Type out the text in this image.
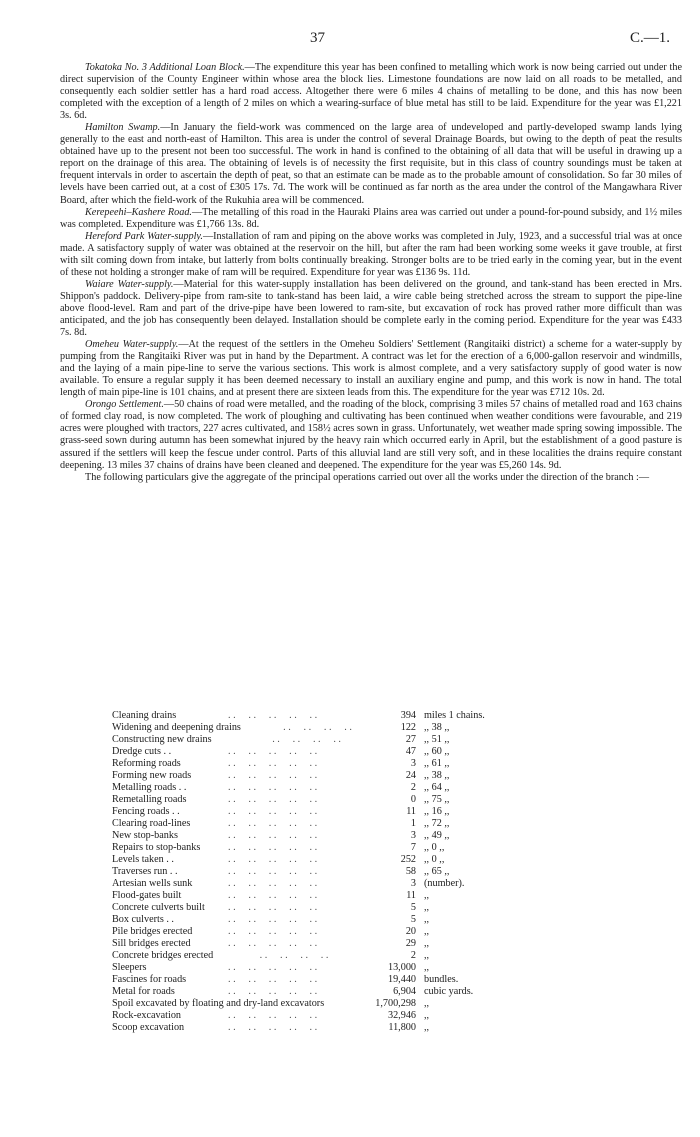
37	C.—1.

Tokatoka No. 3 Additional Loan Block.—The expenditure this year has been confined to metalling which work is now being carried out under the direct supervision of the County Engineer within whose area the block lies. Limestone foundations are now laid on all roads to be metalled, and consequently each soldier settler has a hard road access. Altogether there were 6 miles 4 chains of metalling to be done, and this has now been completed with the exception of a length of 2 miles on which a wearing-surface of blue metal has still to be laid. Expenditure for the year was £1,221 3s. 6d.

Hamilton Swamp.—In January the field-work was commenced on the large area of undeveloped and partly-developed swamp lands lying generally to the east and north-east of Hamilton. This area is under the control of several Drainage Boards, but owing to the depth of peat the results obtained have up to the present not been too successful. The work in hand is confined to the obtaining of all data that will be useful in drawing up a report on the drainage of this area. The obtaining of levels is of necessity the first requisite, but in this class of country soundings must be taken at frequent intervals in order to ascertain the depth of peat, so that an estimate can be made as to the probable amount of consolidation. So far 30 miles of levels have been carried out, at a cost of £305 17s. 7d. The work will be continued as far north as the area under the control of the Mangawhara River Board, after which the field-work of the Rukuhia area will be commenced.

Kerepeehi–Kashere Road.—The metalling of this road in the Hauraki Plains area was carried out under a pound-for-pound subsidy, and 1½ miles was completed. Expenditure was £1,766 13s. 8d.

Hereford Park Water-supply.—Installation of ram and piping on the above works was completed in July, 1923, and a successful trial was at once made. A satisfactory supply of water was obtained at the reservoir on the hill, but after the ram had been working some weeks it gave trouble, at first with silt coming down from intake, but latterly from bolts continually breaking. Stronger bolts are to be tried early in the coming year, but in the event of these not holding a stronger make of ram will be required. Expenditure for year was £136 9s. 11d.

Waiare Water-supply.—Material for this water-supply installation has been delivered on the ground, and tank-stand has been erected in Mrs. Shippon's paddock. Delivery-pipe from ram-site to tank-stand has been laid, a wire cable being stretched across the stream to support the pipe-line above flood-level. Ram and part of the drive-pipe have been lowered to ram-site, but excavation of rock has proved rather more difficult than was anticipated, and the job has consequently been delayed. Installation should be complete early in the coming period. Expenditure for the year was £433 7s. 8d.

Omeheu Water-supply.—At the request of the settlers in the Omeheu Soldiers' Settlement (Rangitaiki district) a scheme for a water-supply by pumping from the Rangitaiki River was put in hand by the Department. A contract was let for the erection of a 6,000-gallon reservoir and windmills, and the laying of a main pipe-line to serve the various sections. This work is almost complete, and a very satisfactory supply of good water is now available. To ensure a regular supply it has been deemed necessary to install an auxiliary engine and pump, and this work is now in hand. The total length of main pipe-line is 101 chains, and at present there are sixteen leads from this. The expenditure for the year was £712 10s. 2d.

Orongo Settlement.—50 chains of road were metalled, and the roading of the block, comprising 3 miles 57 chains of metalled road and 163 chains of formed clay road, is now completed. The work of ploughing and cultivating has been continued when weather conditions were favourable, and 219 acres were ploughed with tractors, 227 acres cultivated, and 158½ acres sown in grass. Unfortunately, wet weather made spring sowing impossible. The grass-seed sown during autumn has been somewhat injured by the heavy rain which occurred early in April, but the establishment of a good pasture is assured if the settlers will keep the fescue under control. Parts of this alluvial land are still very soft, and in these localities the drains require constant deepening. 13 miles 37 chains of drains have been cleaned and deepened. The expenditure for the year was £5,260 14s. 9d.

The following particulars give the aggregate of the principal operations carried out over all the works under the direction of the branch :—

Cleaning drains	. .     . .     . .     . .     . .	394 miles 1 chains.
Widening and deepening drains	. .     . .     . .     . .	122 ,, 38 ,,
Constructing new drains	. .     . .     . .     . .	27 ,, 51 ,,
Dredge cuts . .	. .     . .     . .     . .     . .	47 ,, 60 ,,
Reforming roads	. .     . .     . .     . .     . .	3 ,, 61 ,,
Forming new roads	. .     . .     . .     . .     . .	24 ,, 38 ,,
Metalling roads . .	. .     . .     . .     . .     . .	2 ,, 64 ,,
Remetalling roads	. .     . .     . .     . .     . .	0 ,, 75 ,,
Fencing roads . .	. .     . .     . .     . .     . .	11 ,, 16 ,,
Clearing road-lines	. .     . .     . .     . .     . .	1 ,, 72 ,,
New stop-banks	. .     . .     . .     . .     . .	3 ,, 49 ,,
Repairs to stop-banks	. .     . .     . .     . .     . .	7 ,, 0 ,,
Levels taken . .	. .     . .     . .     . .     . .	252 ,, 0 ,,
Traverses run . .	. .     . .     . .     . .     . .	58 ,, 65 ,,
Artesian wells sunk	. .     . .     . .     . .     . .	3 (number).
Flood-gates built	. .     . .     . .     . .     . .	11 ,,
Concrete culverts built . .     . .     . .     . .     . .	5 ,,
Box culverts . .	. .     . .     . .     . .     . .	5 ,,
Pile bridges erected	. .     . .     . .     . .     . .	20 ,,
Sill bridges erected	. .     . .     . .     . .     . .	29 ,,
Concrete bridges erected	. .     . .     . .     . .	2 ,,
Sleepers	. .     . .     . .     . .     . .	13,000 ,,
Fascines for roads	. .     . .     . .     . .     . .	19,440 bundles.
Metal for roads	. .     . .     . .     . .     . .	6,904 cubic yards.
Spoil excavated by floating and dry-land excavators	1,700,298 ,,
Rock-excavation	. .     . .     . .     . .     . .	32,946 ,,
Scoop excavation	. .     . .     . .     . .     . .	11,800 ,,
